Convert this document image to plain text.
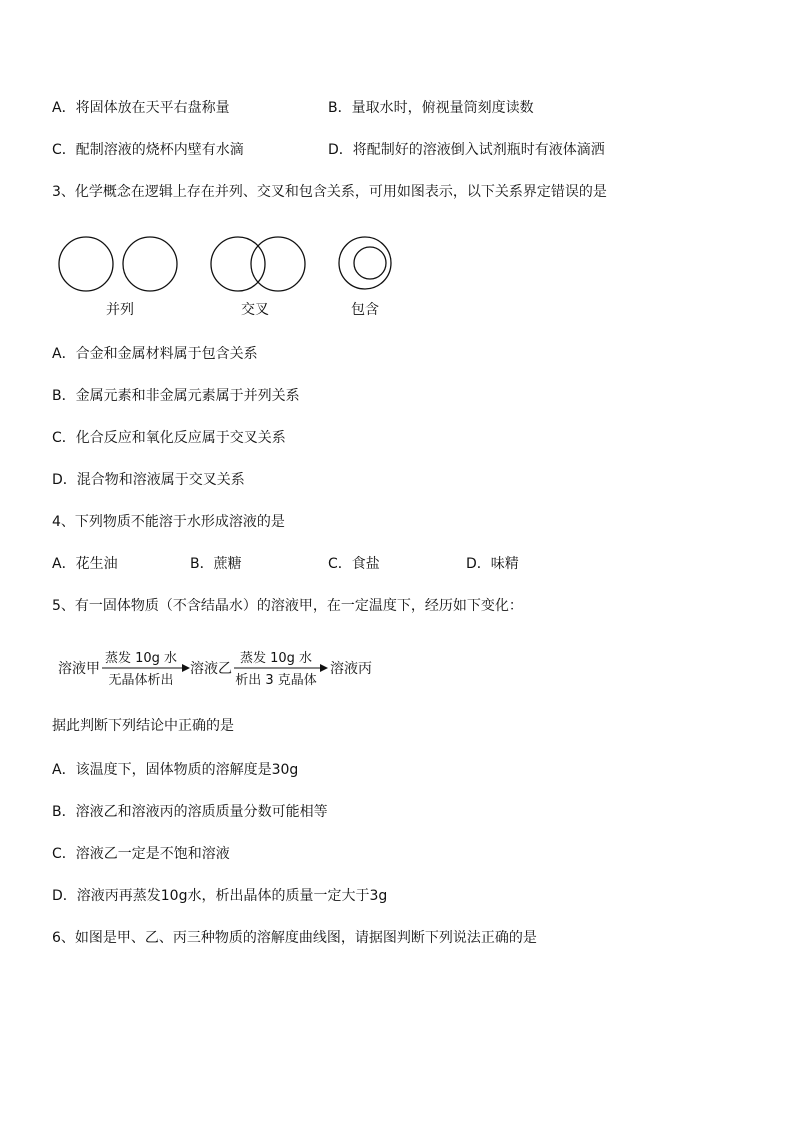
A．将固体放在天平右盘称量	B．量取水时，俯视量筒刻度读数
C．配制溶液的烧杯内壁有水滴	D．将配制好的溶液倒入试剂瓶时有液体滴洒
3、化学概念在逻辑上存在并列、交叉和包含关系，可用如图表示，以下关系界定错误的是
并列	交叉	包含
A．合金和金属材料属于包含关系
B．金属元素和非金属元素属于并列关系
C．化合反应和氧化反应属于交叉关系
D．混合物和溶液属于交叉关系
4、下列物质不能溶于水形成溶液的是
A．花生油	B．蔗糖	C．食盐	D．味精
5、有一固体物质（不含结晶水）的溶液甲，在一定温度下，经历如下变化：
溶液甲
蒸发 10g 水
无晶体析出
溶液乙
蒸发 10g 水
析出 3 克晶体
溶液丙
据此判断下列结论中正确的是
A．该温度下，固体物质的溶解度是30g
B．溶液乙和溶液丙的溶质质量分数可能相等
C．溶液乙一定是不饱和溶液
D．溶液丙再蒸发10g水，析出晶体的质量一定大于3g
6、如图是甲、乙、丙三种物质的溶解度曲线图，请据图判断下列说法正确的是
